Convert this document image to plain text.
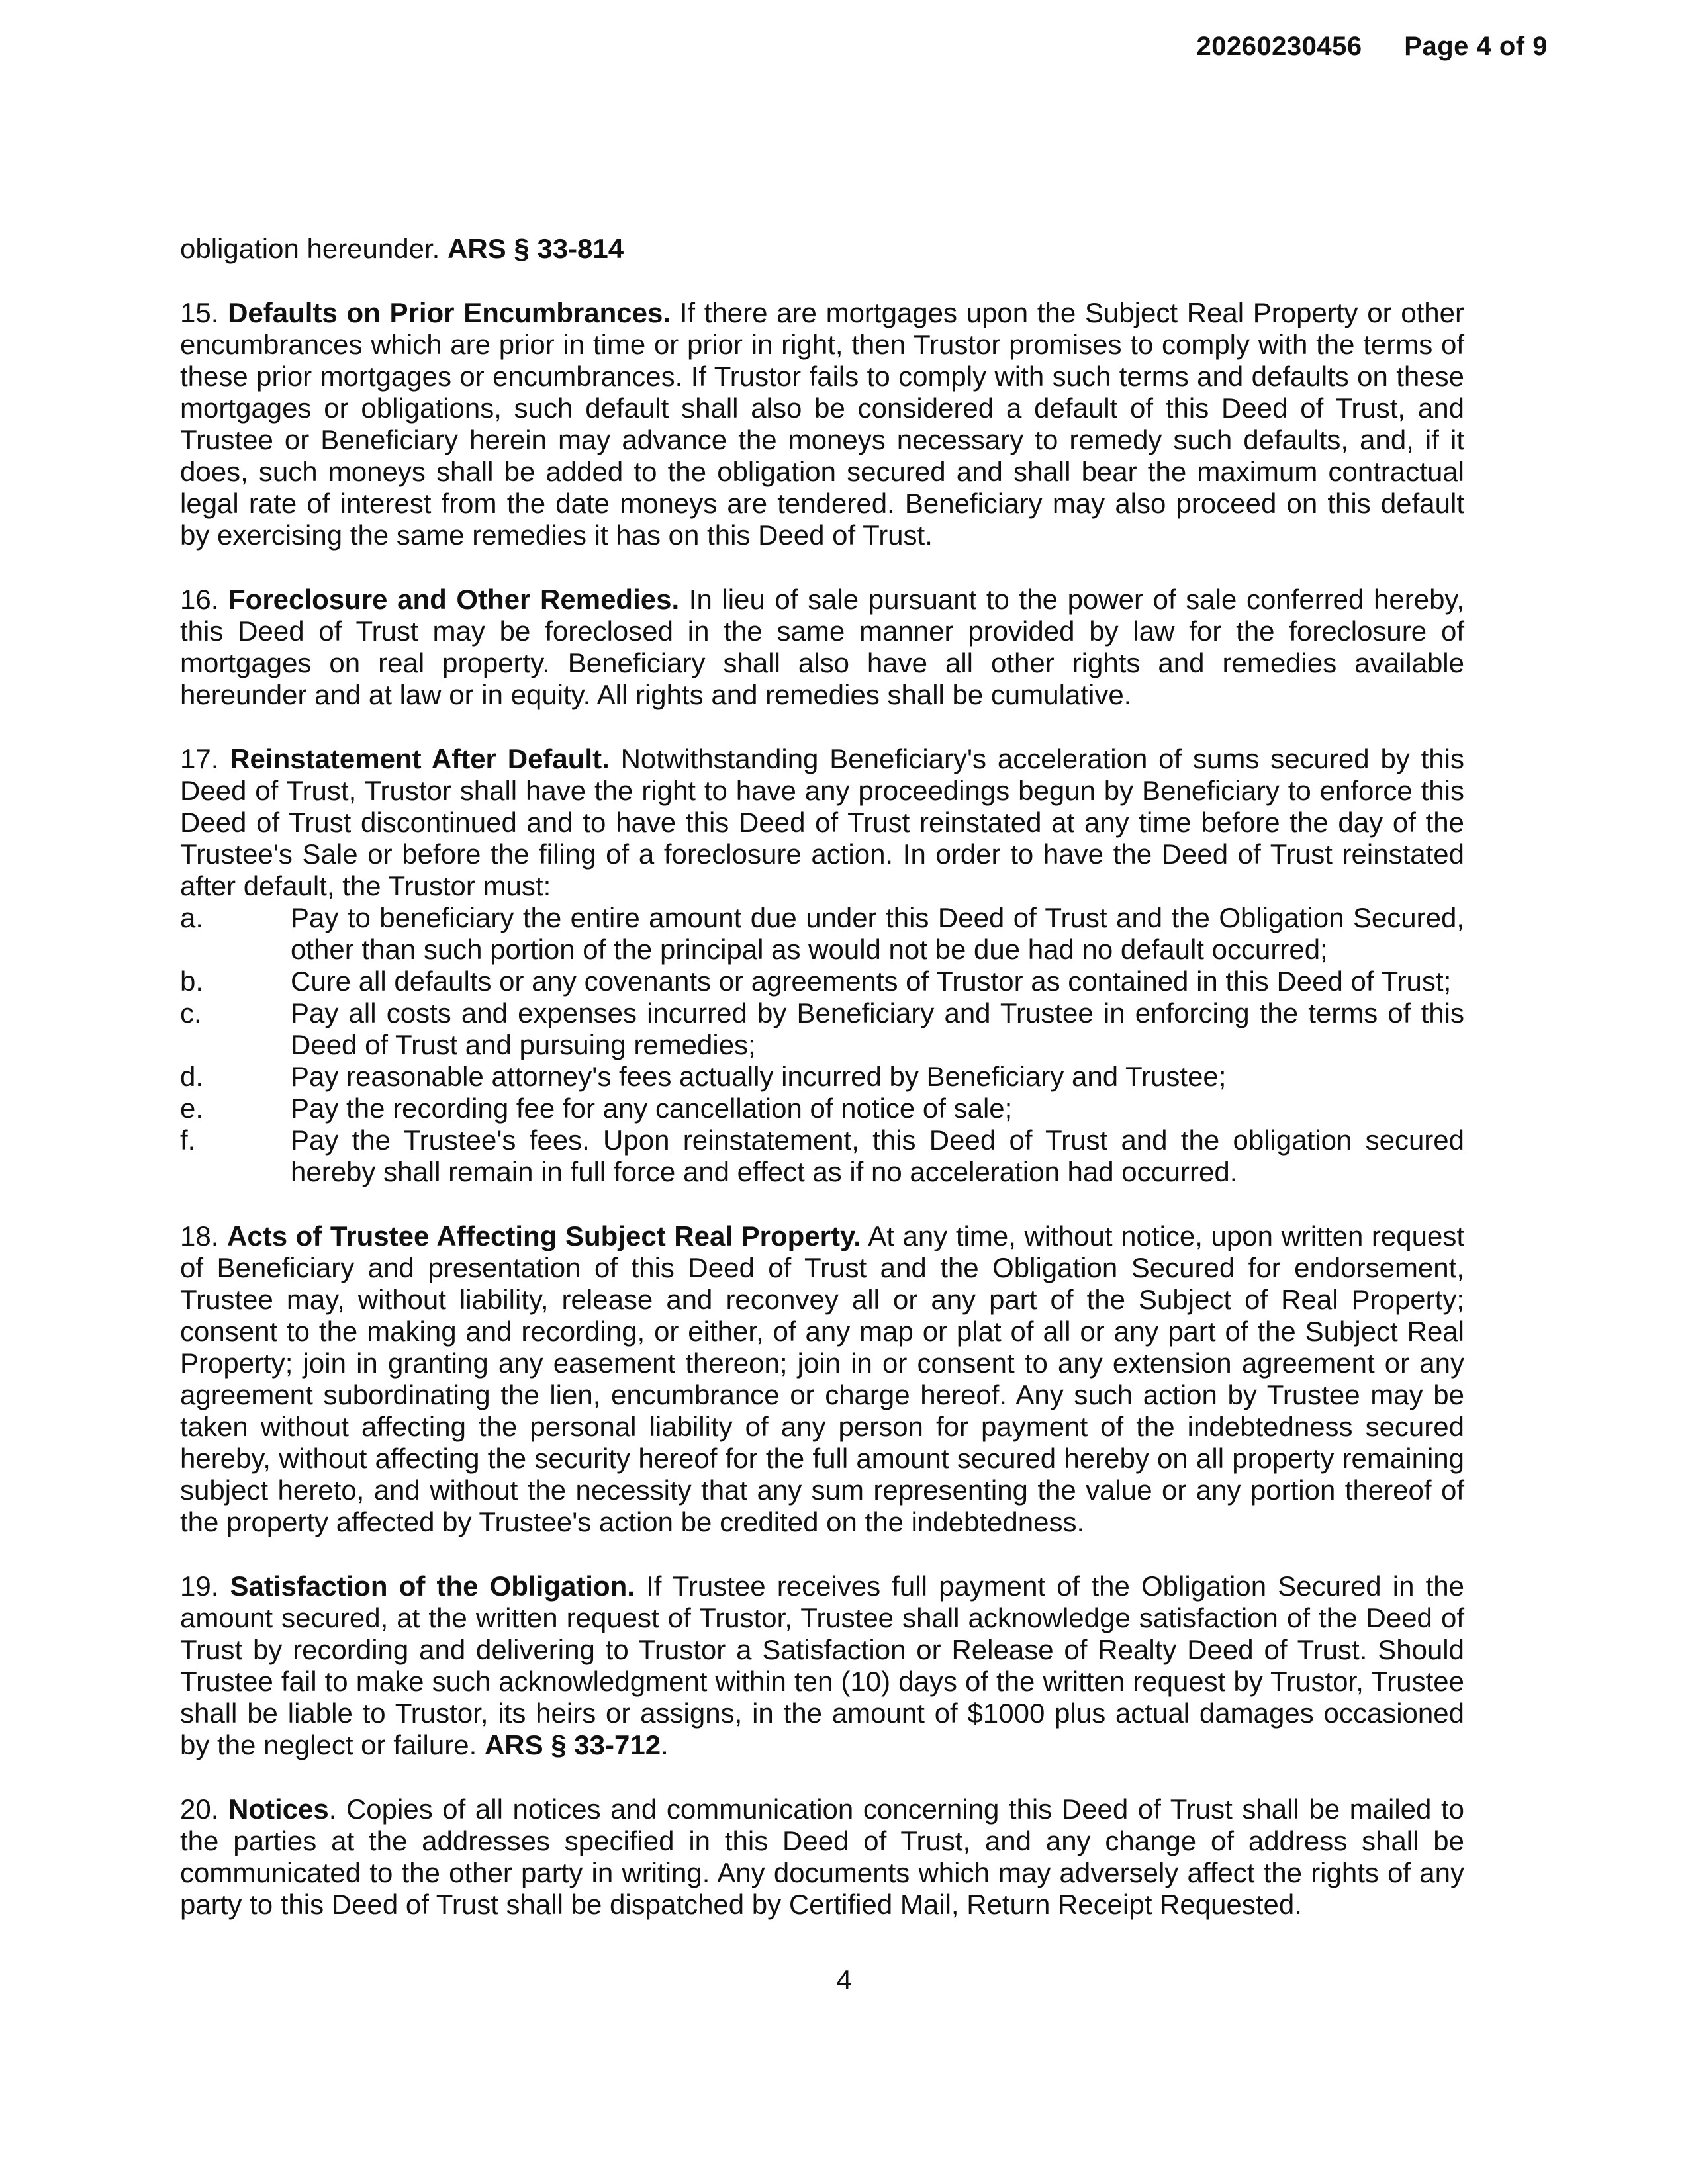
20260230456 Page 4 of 9

obligation hereunder. ARS § 33-814

15. Defaults on Prior Encumbrances. If there are mortgages upon the Subject Real Property or other encumbrances which are prior in time or prior in right, then Trustor promises to comply with the terms of these prior mortgages or encumbrances. If Trustor fails to comply with such terms and defaults on these mortgages or obligations, such default shall also be considered a default of this Deed of Trust, and Trustee or Beneficiary herein may advance the moneys necessary to remedy such defaults, and, if it does, such moneys shall be added to the obligation secured and shall bear the maximum contractual legal rate of interest from the date moneys are tendered. Beneficiary may also proceed on this default by exercising the same remedies it has on this Deed of Trust.

16. Foreclosure and Other Remedies. In lieu of sale pursuant to the power of sale conferred hereby, this Deed of Trust may be foreclosed in the same manner provided by law for the foreclosure of mortgages on real property. Beneficiary shall also have all other rights and remedies available hereunder and at law or in equity. All rights and remedies shall be cumulative.

17. Reinstatement After Default. Notwithstanding Beneficiary's acceleration of sums secured by this Deed of Trust, Trustor shall have the right to have any proceedings begun by Beneficiary to enforce this Deed of Trust discontinued and to have this Deed of Trust reinstated at any time before the day of the Trustee's Sale or before the filing of a foreclosure action. In order to have the Deed of Trust reinstated after default, the Trustor must:

a.	Pay to beneficiary the entire amount due under this Deed of Trust and the Obligation Secured, other than such portion of the principal as would not be due had no default occurred;
b.	Cure all defaults or any covenants or agreements of Trustor as contained in this Deed of Trust;
c.	Pay all costs and expenses incurred by Beneficiary and Trustee in enforcing the terms of this Deed of Trust and pursuing remedies;
d.	Pay reasonable attorney's fees actually incurred by Beneficiary and Trustee;
e.	Pay the recording fee for any cancellation of notice of sale;
f.	Pay the Trustee's fees. Upon reinstatement, this Deed of Trust and the obligation secured hereby shall remain in full force and effect as if no acceleration had occurred.

18. Acts of Trustee Affecting Subject Real Property. At any time, without notice, upon written request of Beneficiary and presentation of this Deed of Trust and the Obligation Secured for endorsement, Trustee may, without liability, release and reconvey all or any part of the Subject of Real Property; consent to the making and recording, or either, of any map or plat of all or any part of the Subject Real Property; join in granting any easement thereon; join in or consent to any extension agreement or any agreement subordinating the lien, encumbrance or charge hereof. Any such action by Trustee may be taken without affecting the personal liability of any person for payment of the indebtedness secured hereby, without affecting the security hereof for the full amount secured hereby on all property remaining subject hereto, and without the necessity that any sum representing the value or any portion thereof of the property affected by Trustee's action be credited on the indebtedness.

19. Satisfaction of the Obligation. If Trustee receives full payment of the Obligation Secured in the amount secured, at the written request of Trustor, Trustee shall acknowledge satisfaction of the Deed of Trust by recording and delivering to Trustor a Satisfaction or Release of Realty Deed of Trust. Should Trustee fail to make such acknowledgment within ten (10) days of the written request by Trustor, Trustee shall be liable to Trustor, its heirs or assigns, in the amount of $1000 plus actual damages occasioned by the neglect or failure. ARS § 33-712.

20. Notices. Copies of all notices and communication concerning this Deed of Trust shall be mailed to the parties at the addresses specified in this Deed of Trust, and any change of address shall be communicated to the other party in writing. Any documents which may adversely affect the rights of any party to this Deed of Trust shall be dispatched by Certified Mail, Return Receipt Requested.

4
